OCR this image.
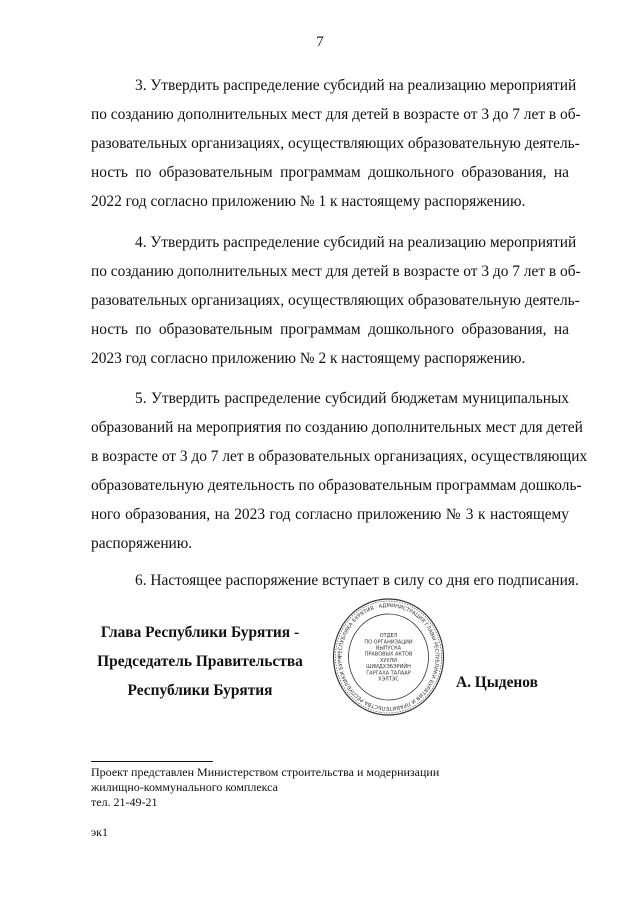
7
3. Утвердить распределение субсидий на реализацию мероприятий
по созданию дополнительных мест для детей в возрасте от 3 до 7 лет в об-
разовательных организациях, осуществляющих образовательную деятель-
ность по образовательным программам дошкольного образования, на
2022 год согласно приложению № 1 к настоящему распоряжению.
4. Утвердить распределение субсидий на реализацию мероприятий
по созданию дополнительных мест для детей в возрасте от 3 до 7 лет в об-
разовательных организациях, осуществляющих образовательную деятель-
ность по образовательным программам дошкольного образования, на
2023 год согласно приложению № 2 к настоящему распоряжению.
5. Утвердить распределение субсидий бюджетам муниципальных
образований на мероприятия по созданию дополнительных мест для детей
в возрасте от 3 до 7 лет в образовательных организациях, осуществляющих
образовательную деятельность по образовательным программам дошколь-
ного образования, на 2023 год согласно приложению № 3 к настоящему
распоряжению.

6. Настоящее распоряжение вступает в силу со дня его подписания.

Глава Республики Бурятия -
Председатель Правительства
Республики Бурятия
РЕСПУБЛИКА БУРЯТИЯ · АДМИНИСТРАЦИЯ ГЛАВЫ РЕСПУБЛИКИ БУРЯТИЯ И ПРАВИТЕЛЬСТВА РЕСПУБЛИКИ БУРЯ
ОТДЕЛ
ПО ОРГАНИЗАЦИИ
ВЫПУСКА
ПРАВОВЫХ АКТОВ
ХУУЛИ
ШИИДХЭБЭРИЙН
ГАРГАХА ТАЛААР
ХЭЛТЭС	А. Цыденов
Проект представлен Министерством строительства и модернизации
жилищно-коммунального комплекса
тел. 21-49-21
эк1
